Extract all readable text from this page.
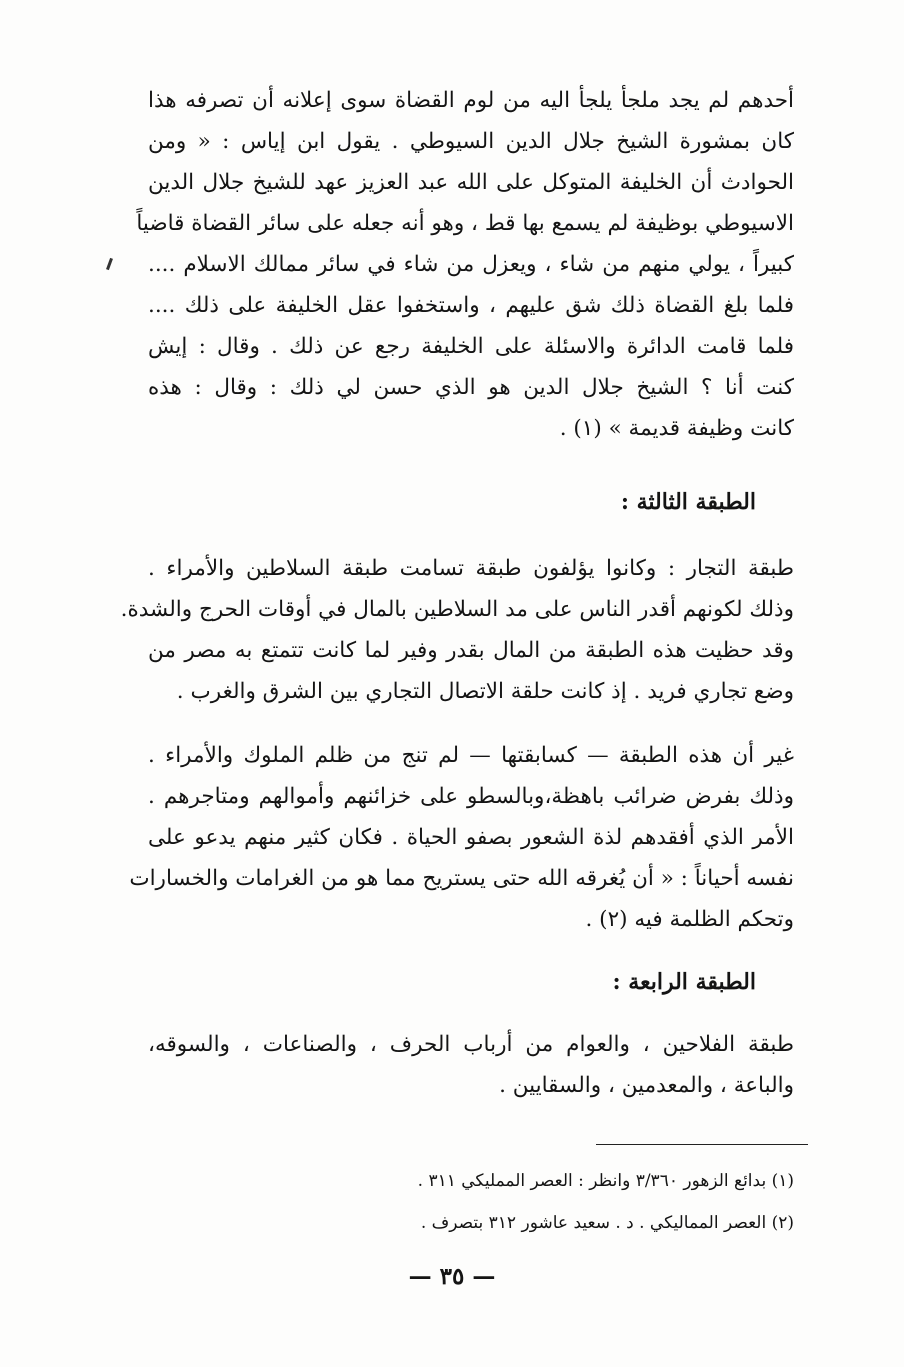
أحدهم لم يجد ملجأ يلجأ اليه من لوم القضاة سوى إعلانه أن تصرفه هذا
كان بمشورة الشيخ جلال الدين السيوطي . يقول ابن إياس : « ومن
الحوادث أن الخليفة المتوكل على الله عبد العزيز عهد للشيخ جلال الدين
الاسيوطي بوظيفة لم يسمع بها قط ، وهو أنه جعله على سائر القضاة قاضياً
كبيراً ، يولي منهم من شاء ، ويعزل من شاء في سائر ممالك الاسلام ....
فلما بلغ القضاة ذلك شق عليهم ، واستخفوا عقل الخليفة على ذلك ....
فلما قامت الدائرة والاسئلة على الخليفة رجع عن ذلك . وقال : إيش
كنت أنا ؟ الشيخ جلال الدين هو الذي حسن لي ذلك : وقال : هذه
كانت وظيفة قديمة » (١) .
الطبقة الثالثة :
طبقة التجار : وكانوا يؤلفون طبقة تسامت طبقة السلاطين والأمراء .
وذلك لكونهم أقدر الناس على مد السلاطين بالمال في أوقات الحرج والشدة.
وقد حظيت هذه الطبقة من المال بقدر وفير لما كانت تتمتع به مصر من
وضع تجاري فريد . إذ كانت حلقة الاتصال التجاري بين الشرق والغرب .
غير أن هذه الطبقة — كسابقتها — لم تنج من ظلم الملوك والأمراء .
وذلك بفرض ضرائب باهظة،وبالسطو على خزائنهم وأموالهم ومتاجرهم .
الأمر الذي أفقدهم لذة الشعور بصفو الحياة . فكان كثير منهم يدعو على
نفسه أحياناً : « أن يُغرقه الله حتى يستريح مما هو من الغرامات والخسارات
وتحكم الظلمة فيه (٢) .
الطبقة الرابعة :
طبقة الفلاحين ، والعوام من أرباب الحرف ، والصناعات ، والسوقه،
والباعة ، والمعدمين ، والسقايين .
(١) بدائع الزهور ٣/٣٦٠ وانظر : العصر الممليكي ٣١١ .
(٢) العصر المماليكي . د . سعيد عاشور ٣١٢ بتصرف .
— ٣٥ —
